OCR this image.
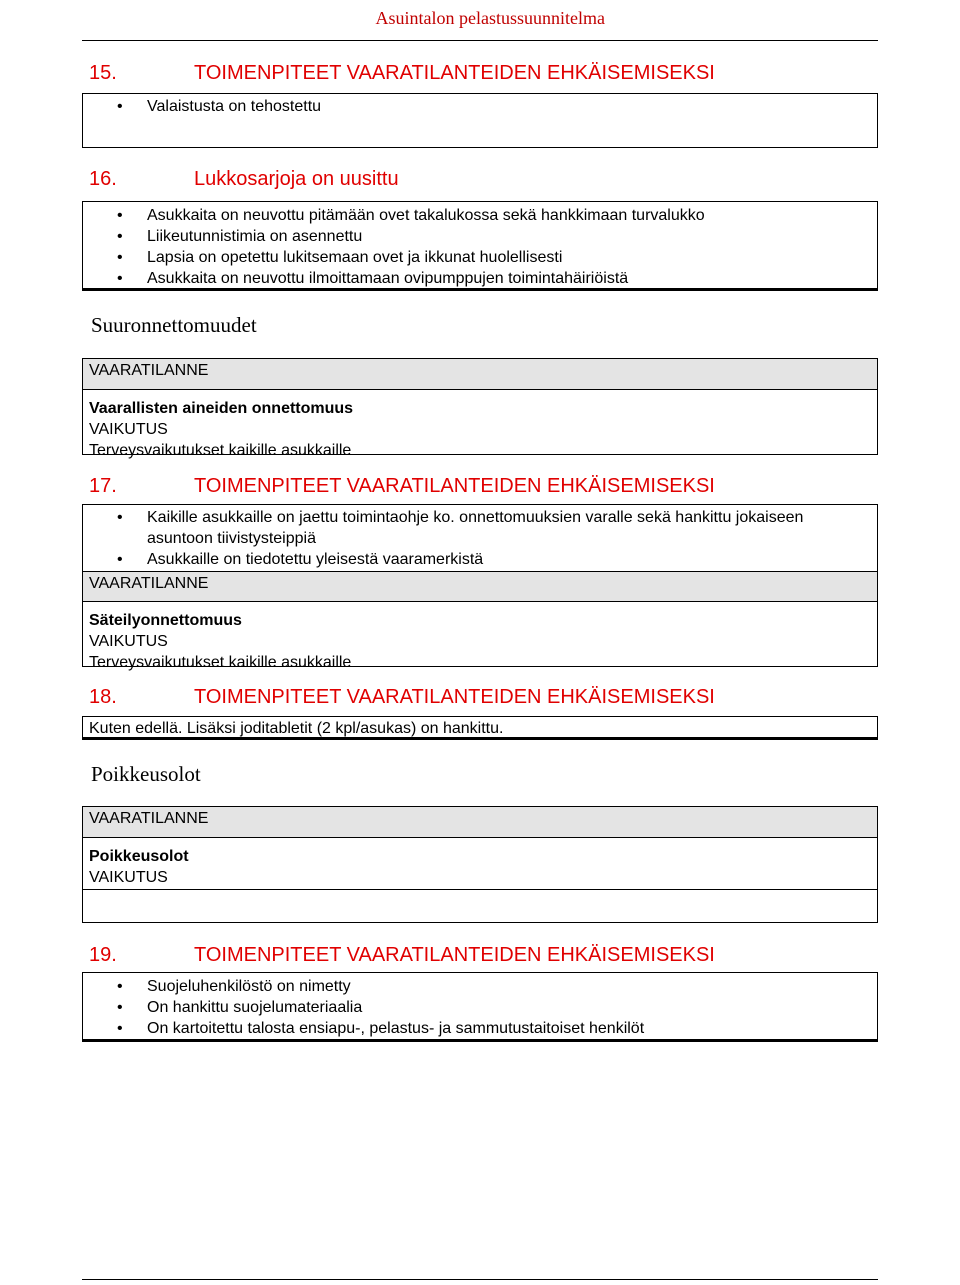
Asuintalon pelastussuunnitelma
15.	TOIMENPITEET VAARATILANTEIDEN EHKÄISEMISEKSI
• Valaistusta on tehostettu
16.	Lukkosarjoja on uusittu
• Asukkaita on neuvottu pitämään ovet takalukossa sekä hankkimaan turvalukko
• Liikeutunnistimia on asennettu
• Lapsia on opetettu lukitsemaan ovet ja ikkunat huolellisesti
• Asukkaita on neuvottu ilmoittamaan ovipumppujen toimintahäiriöistä
Suuronnettomuudet
VAARATILANNE
Vaarallisten aineiden onnettomuus
VAIKUTUS
Terveysvaikutukset kaikille asukkaille
17.	TOIMENPITEET VAARATILANTEIDEN EHKÄISEMISEKSI
• Kaikille asukkaille on jaettu toimintaohje ko. onnettomuuksien varalle sekä hankittu jokaiseen asuntoon tiivistysteippiä
• Asukkaille on tiedotettu yleisestä vaaramerkistä
VAARATILANNE
Säteilyonnettomuus
VAIKUTUS
Terveysvaikutukset kaikille asukkaille
18.	TOIMENPITEET VAARATILANTEIDEN EHKÄISEMISEKSI
Kuten edellä. Lisäksi joditabletit (2 kpl/asukas) on hankittu.
Poikkeusolot
VAARATILANNE
Poikkeusolot
VAIKUTUS
19.	TOIMENPITEET VAARATILANTEIDEN EHKÄISEMISEKSI
• Suojeluhenkilöstö on nimetty
• On hankittu suojelumateriaalia
• On kartoitettu talosta ensiapu-, pelastus- ja sammutustaitoiset henkilöt
